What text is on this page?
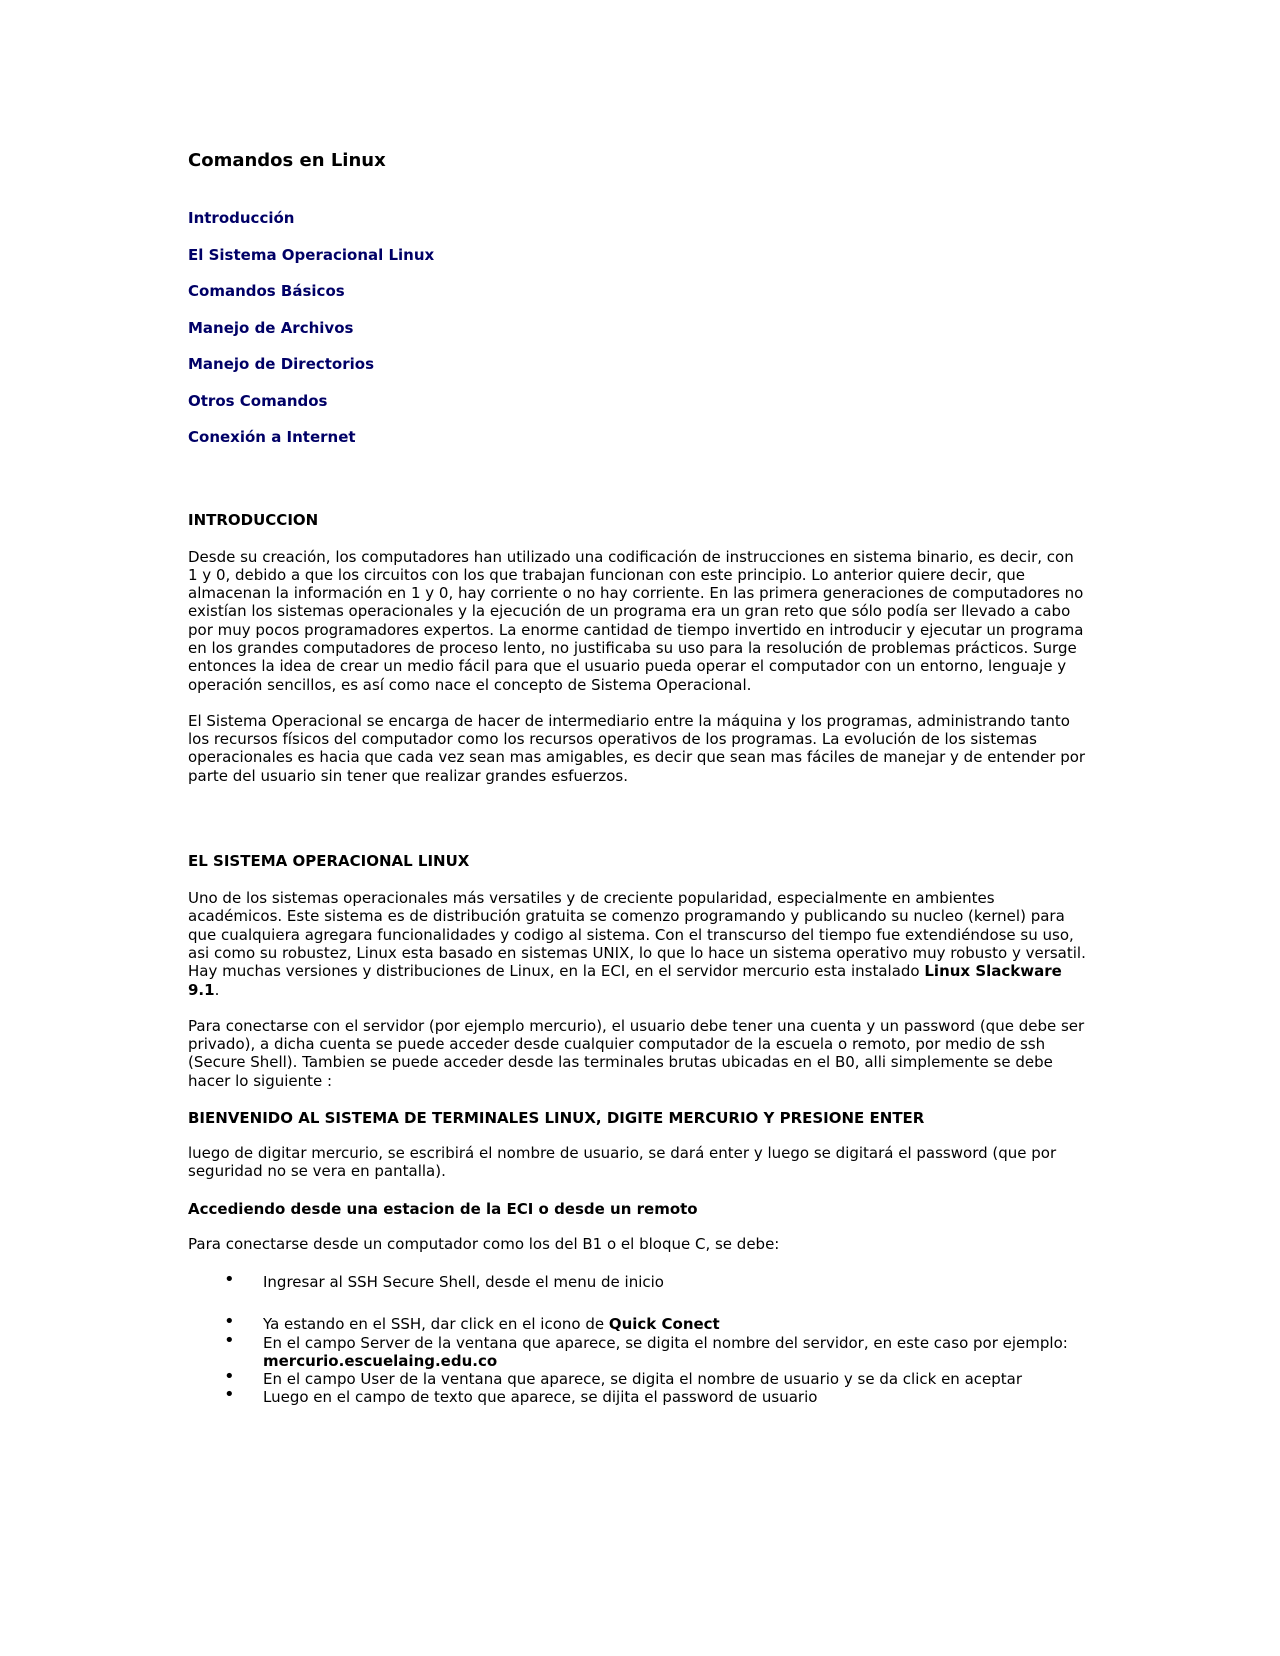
Comandos en Linux
Introducción
El Sistema Operacional Linux
Comandos Básicos
Manejo de Archivos
Manejo de Directorios
Otros Comandos
Conexión a Internet
INTRODUCCION

Desde su creación, los computadores han utilizado una codificación de instrucciones en sistema binario, es decir, con 1 y 0, debido a que los circuitos con los que trabajan funcionan con este principio. Lo anterior quiere decir, que almacenan la información en 1 y 0, hay corriente o no hay corriente. En las primera generaciones de computadores no existían los sistemas operacionales y la ejecución de un programa era un gran reto que sólo podía ser llevado a cabo por muy pocos programadores expertos. La enorme cantidad de tiempo invertido en introducir y ejecutar un programa en los grandes computadores de proceso lento, no justificaba su uso para la resolución de problemas prácticos. Surge entonces la idea de crear un medio fácil para que el usuario pueda operar el computador con un entorno, lenguaje y operación sencillos, es así como nace el concepto de Sistema Operacional.

El Sistema Operacional se encarga de hacer de intermediario entre la máquina y los programas, administrando tanto los recursos físicos del computador como los recursos operativos de los programas. La evolución de los sistemas operacionales es hacia que cada vez sean mas amigables, es decir que sean mas fáciles de manejar y de entender por parte del usuario sin tener que realizar grandes esfuerzos.

EL SISTEMA OPERACIONAL LINUX

Uno de los sistemas operacionales más versatiles y de creciente popularidad, especialmente en ambientes académicos. Este sistema es de distribución gratuita se comenzo programando y publicando su nucleo (kernel) para que cualquiera agregara funcionalidades y codigo al sistema. Con el transcurso del tiempo fue extendiéndose su uso, asi como su robustez, Linux esta basado en sistemas UNIX, lo que lo hace un sistema operativo muy robusto y versatil. Hay muchas versiones y distribuciones de Linux, en la ECI, en el servidor mercurio esta instalado Linux Slackware 9.1.

Para conectarse con el servidor (por ejemplo mercurio), el usuario debe tener una cuenta y un password (que debe ser privado), a dicha cuenta se puede acceder desde cualquier computador de la escuela o remoto, por medio de ssh (Secure Shell). Tambien se puede acceder desde las terminales brutas ubicadas en el B0, alli simplemente se debe hacer lo siguiente :

BIENVENIDO AL SISTEMA DE TERMINALES LINUX, DIGITE MERCURIO Y PRESIONE ENTER

luego de digitar mercurio, se escribirá el nombre de usuario, se dará enter y luego se digitará el password (que por seguridad no se vera en pantalla).

Accediendo desde una estacion de la ECI o desde un remoto

Para conectarse desde un computador como los del B1 o el bloque C, se debe:

• Ingresar al SSH Secure Shell, desde el menu de inicio
• Ya estando en el SSH, dar click en el icono de Quick Conect
• En el campo Server de la ventana que aparece, se digita el nombre del servidor, en este caso por ejemplo: mercurio.escuelaing.edu.co
• En el campo User de la ventana que aparece, se digita el nombre de usuario y se da click en aceptar
• Luego en el campo de texto que aparece, se dijita el password de usuario
